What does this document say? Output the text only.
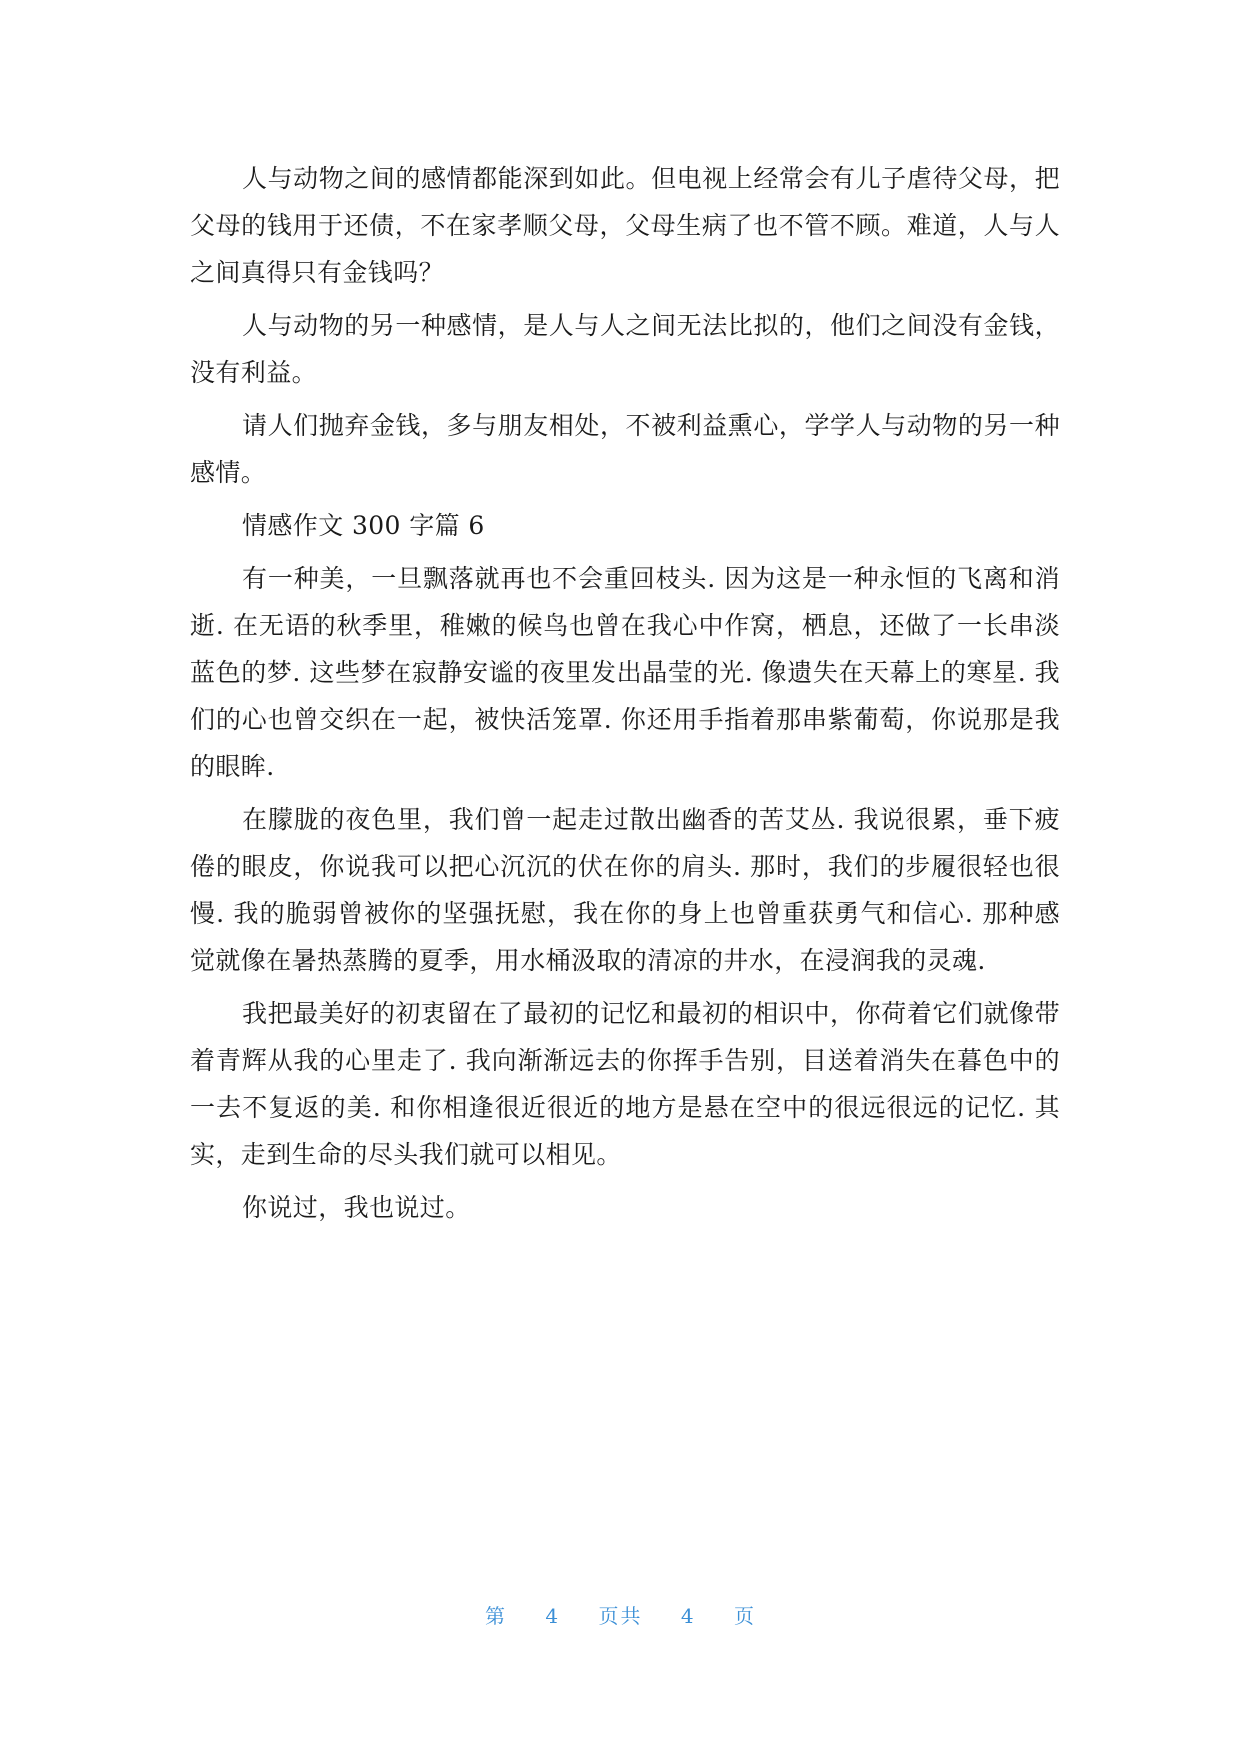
人与动物之间的感情都能深到如此。但电视上经常会有儿子虐待父母，把父母的钱用于还债，不在家孝顺父母，父母生病了也不管不顾。难道，人与人之间真得只有金钱吗？

人与动物的另一种感情，是人与人之间无法比拟的，他们之间没有金钱，没有利益。

请人们抛弃金钱，多与朋友相处，不被利益熏心，学学人与动物的另一种感情。

情感作文 300 字篇 6

有一种美，一旦飘落就再也不会重回枝头. 因为这是一种永恒的飞离和消逝. 在无语的秋季里，稚嫩的候鸟也曾在我心中作窝，栖息，还做了一长串淡蓝色的梦. 这些梦在寂静安谧的夜里发出晶莹的光. 像遗失在天幕上的寒星. 我们的心也曾交织在一起，被快活笼罩. 你还用手指着那串紫葡萄，你说那是我的眼眸.

在朦胧的夜色里，我们曾一起走过散出幽香的苦艾丛. 我说很累，垂下疲倦的眼皮，你说我可以把心沉沉的伏在你的肩头. 那时，我们的步履很轻也很慢. 我的脆弱曾被你的坚强抚慰，我在你的身上也曾重获勇气和信心. 那种感觉就像在暑热蒸腾的夏季，用水桶汲取的清凉的井水，在浸润我的灵魂.

我把最美好的初衷留在了最初的记忆和最初的相识中，你荷着它们就像带着青辉从我的心里走了. 我向渐渐远去的你挥手告别，目送着消失在暮色中的一去不复返的美. 和你相逢很近很近的地方是悬在空中的很远很远的记忆. 其实，走到生命的尽头我们就可以相见。

你说过，我也说过。

第 4 页共 4 页
